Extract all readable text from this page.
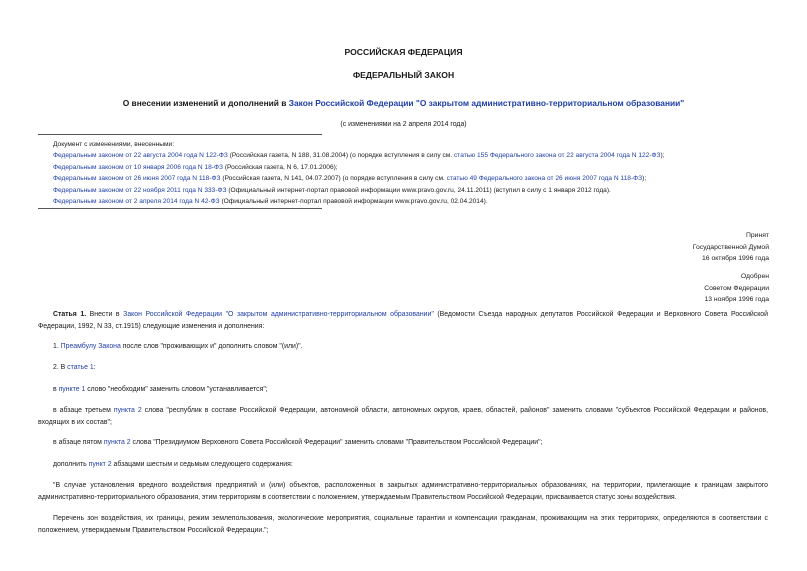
РОССИЙСКАЯ ФЕДЕРАЦИЯ
ФЕДЕРАЛЬНЫЙ ЗАКОН
О внесении изменений и дополнений в Закон Российской Федерации "О закрытом административно-территориальном образовании"
(с изменениями на 2 апреля 2014 года)
Документ с изменениями, внесенными:
Федеральным законом от 22 августа 2004 года N 122-ФЗ (Российская газета, N 188, 31.08.2004) (о порядке вступления в силу см. статью 155 Федерального закона от 22 августа 2004 года N 122-ФЗ);
Федеральным законом от 10 января 2006 года N 18-ФЗ (Российская газета, N 6, 17.01.2006);
Федеральным законом от 26 июня 2007 года N 118-ФЗ (Российская газета, N 141, 04.07.2007) (о порядке вступления в силу см. статью 49 Федерального закона от 26 июня 2007 года N 118-ФЗ);
Федеральным законом от 22 ноября 2011 года N 333-ФЗ (Официальный интернет-портал правовой информации www.pravo.gov.ru, 24.11.2011) (вступил в силу с 1 января 2012 года).
Федеральным законом от 2 апреля 2014 года N 42-ФЗ (Официальный интернет-портал правовой информации www.pravo.gov.ru, 02.04.2014).
Принят
Государственной Думой
16 октября 1996 года
Одобрен
Советом Федерации
13 ноября 1996 года
Статья 1. Внести в Закон Российской Федерации "О закрытом административно-территориальном образовании" (Ведомости Съезда народных депутатов Российской Федерации и Верховного Совета Российской Федерации, 1992, N 33, ст.1915) следующие изменения и дополнения:
1. Преамбулу Закона после слов "проживающих и" дополнить словом "(или)".
2. В статье 1:
в пункте 1 слово "необходим" заменить словом "устанавливается";
в абзаце третьем пункта 2 слова "республик в составе Российской Федерации, автономной области, автономных округов, краев, областей, районов" заменить словами "субъектов Российской Федерации и районов, входящих в их состав";
в абзаце пятом пункта 2 слова "Президиумом Верховного Совета Российской Федерации" заменить словами "Правительством Российской Федерации";
дополнить пункт 2 абзацами шестым и седьмым следующего содержания:
"В случае установления вредного воздействия предприятий и (или) объектов, расположенных в закрытых административно-территориальных образованиях, на территории, прилегающие к границам закрытого административно-территориального образования, этим территориям в соответствии с положением, утверждаемым Правительством Российской Федерации, присваивается статус зоны воздействия.
Перечень зон воздействия, их границы, режим землепользования, экологические мероприятия, социальные гарантии и компенсации гражданам, проживающим на этих территориях, определяются в соответствии с положением, утверждаемым Правительством Российской Федерации.";
